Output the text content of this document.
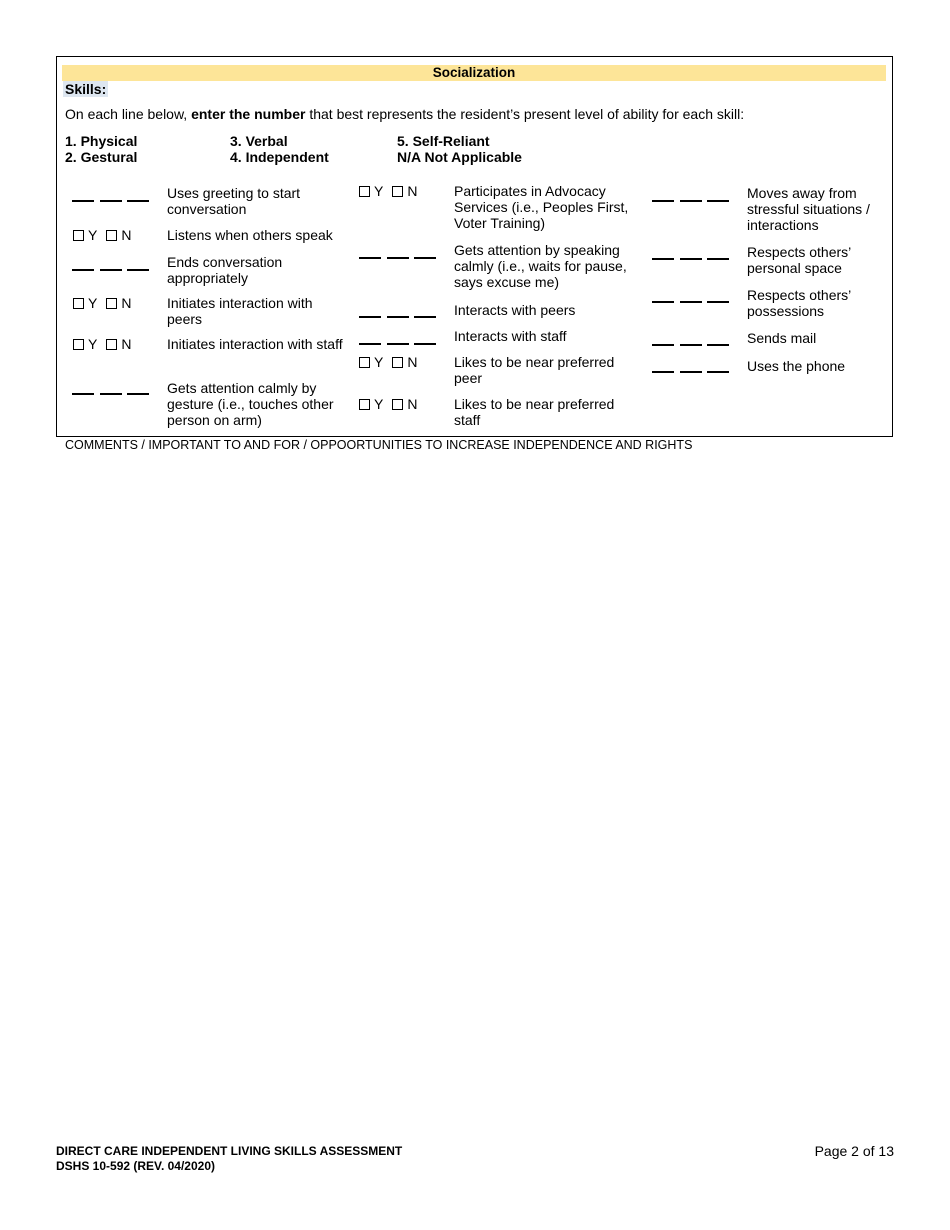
Socialization
Skills:
On each line below, enter the number that best represents the resident’s present level of ability for each skill:
1. Physical
2. Gestural
3. Verbal
4. Independent
5. Self-Reliant
N/A Not Applicable
Uses greeting to start conversation
Y N	Listens when others speak
Ends conversation appropriately
Y N	Initiates interaction with peers
Y N	Initiates interaction with staff
Gets attention calmly by gesture (i.e., touches other person on arm)
Y N	Participates in Advocacy Services (i.e., Peoples First, Voter Training)
Gets attention by speaking calmly (i.e., waits for pause, says excuse me)
Interacts with peers
Interacts with staff
Y N	Likes to be near preferred peer
Y N	Likes to be near preferred staff
Moves away from stressful situations / interactions
Respects others’ personal space
Respects others’ possessions
Sends mail
Uses the phone
COMMENTS / IMPORTANT TO AND FOR / OPPOORTUNITIES TO INCREASE INDEPENDENCE AND RIGHTS
DIRECT CARE INDEPENDENT LIVING SKILLS ASSESSMENT
DSHS 10-592 (REV. 04/2020)
Page 2 of 13
